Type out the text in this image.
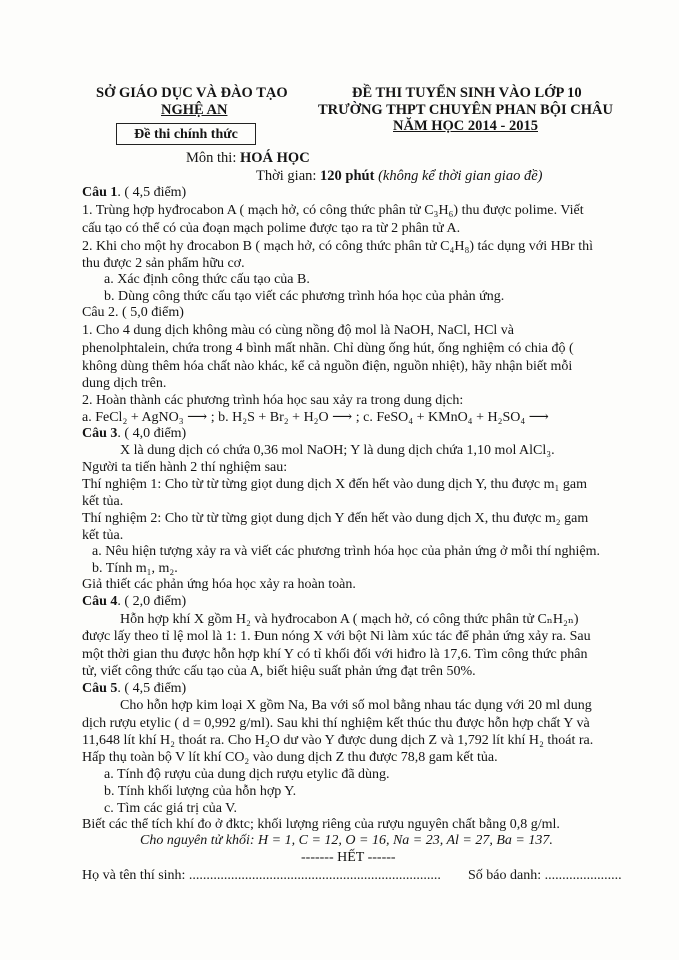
SỞ GIÁO DỤC VÀ ĐÀO TẠO
NGHỆ AN
ĐỀ THI TUYỂN SINH VÀO LỚP 10
TRƯỜNG THPT CHUYÊN PHAN BỘI CHÂU
NĂM HỌC 2014 - 2015
Đề thi chính thức
Môn thi: HOÁ HỌC
Thời gian: 120 phút (không kể thời gian giao đề)
Câu 1. ( 4,5 điểm)
1. Trùng hợp hyđrocabon A ( mạch hở, có công thức phân tử C₃H₆) thu được polime. Viết
cấu tạo có thể có của đoạn mạch polime được tạo ra từ 2 phân tử A.
2. Khi cho một hy đrocabon B ( mạch hở, có công thức phân tử C₄H₈) tác dụng với HBr thì
thu được 2 sản phẩm hữu cơ.
a. Xác định công thức cấu tạo của B.
b. Dùng công thức cấu tạo viết các phương trình hóa học của phản ứng.
Câu 2. ( 5,0 điểm)
1. Cho 4 dung dịch không màu có cùng nồng độ mol là NaOH, NaCl, HCl và
phenolphtalein, chứa trong 4 bình mất nhãn. Chỉ dùng ống hút, ống nghiệm có chia độ (
không dùng thêm hóa chất nào khác, kể cả nguồn điện, nguồn nhiệt), hãy nhận biết mỗi
dung dịch trên.
2. Hoàn thành các phương trình hóa học sau xảy ra trong dung dịch:
a. FeCl₂ + AgNO₃ ⟶ ; b. H₂S + Br₂ + H₂O ⟶ ; c. FeSO₄ + KMnO₄ + H₂SO₄ ⟶
Câu 3. ( 4,0 điểm)
X là dung dịch có chứa 0,36 mol NaOH; Y là dung dịch chứa 1,10 mol AlCl₃.
Người ta tiến hành 2 thí nghiệm sau:
Thí nghiệm 1: Cho từ từ từng giọt dung dịch X đến hết vào dung dịch Y, thu được m₁ gam
kết tủa.
Thí nghiệm 2: Cho từ từ từng giọt dung dịch Y đến hết vào dung dịch X, thu được m₂ gam
kết tủa.
a. Nêu hiện tượng xảy ra và viết các phương trình hóa học của phản ứng ở mỗi thí nghiệm.
b. Tính m₁, m₂.
Giả thiết các phản ứng hóa học xảy ra hoàn toàn.
Câu 4. ( 2,0 điểm)
Hỗn hợp khí X gồm H₂ và hyđrocabon A ( mạch hở, có công thức phân tử CₙH₂ₙ)
được lấy theo tỉ lệ mol là 1: 1. Đun nóng X với bột Ni làm xúc tác để phản ứng xảy ra. Sau
một thời gian thu được hỗn hợp khí Y có tỉ khối đối với hiđro là 17,6. Tìm công thức phân
tử, viết công thức cấu tạo của A, biết hiệu suất phản ứng đạt trên 50%.
Câu 5. ( 4,5 điểm)
Cho hỗn hợp kim loại X gồm Na, Ba với số mol bằng nhau tác dụng với 20 ml dung
dịch rượu etylic ( d = 0,992 g/ml). Sau khi thí nghiệm kết thúc thu được hỗn hợp chất Y và
11,648 lít khí H₂ thoát ra. Cho H₂O dư vào Y được dung dịch Z và 1,792 lít khí H₂ thoát ra.
Hấp thụ toàn bộ V lít khí CO₂ vào dung dịch Z thu được 78,8 gam kết tủa.
a. Tính độ rượu của dung dịch rượu etylic đã dùng.
b. Tính khối lượng của hỗn hợp Y.
c. Tìm các giá trị của V.
Biết các thể tích khí đo ở đktc; khối lượng riêng của rượu nguyên chất bằng 0,8 g/ml.
Cho nguyên tử khối: H = 1, C = 12, O = 16, Na = 23, Al = 27, Ba = 137.
------- HẾT ------
Họ và tên thí sinh: ........................................................................ Số báo danh: ......................
